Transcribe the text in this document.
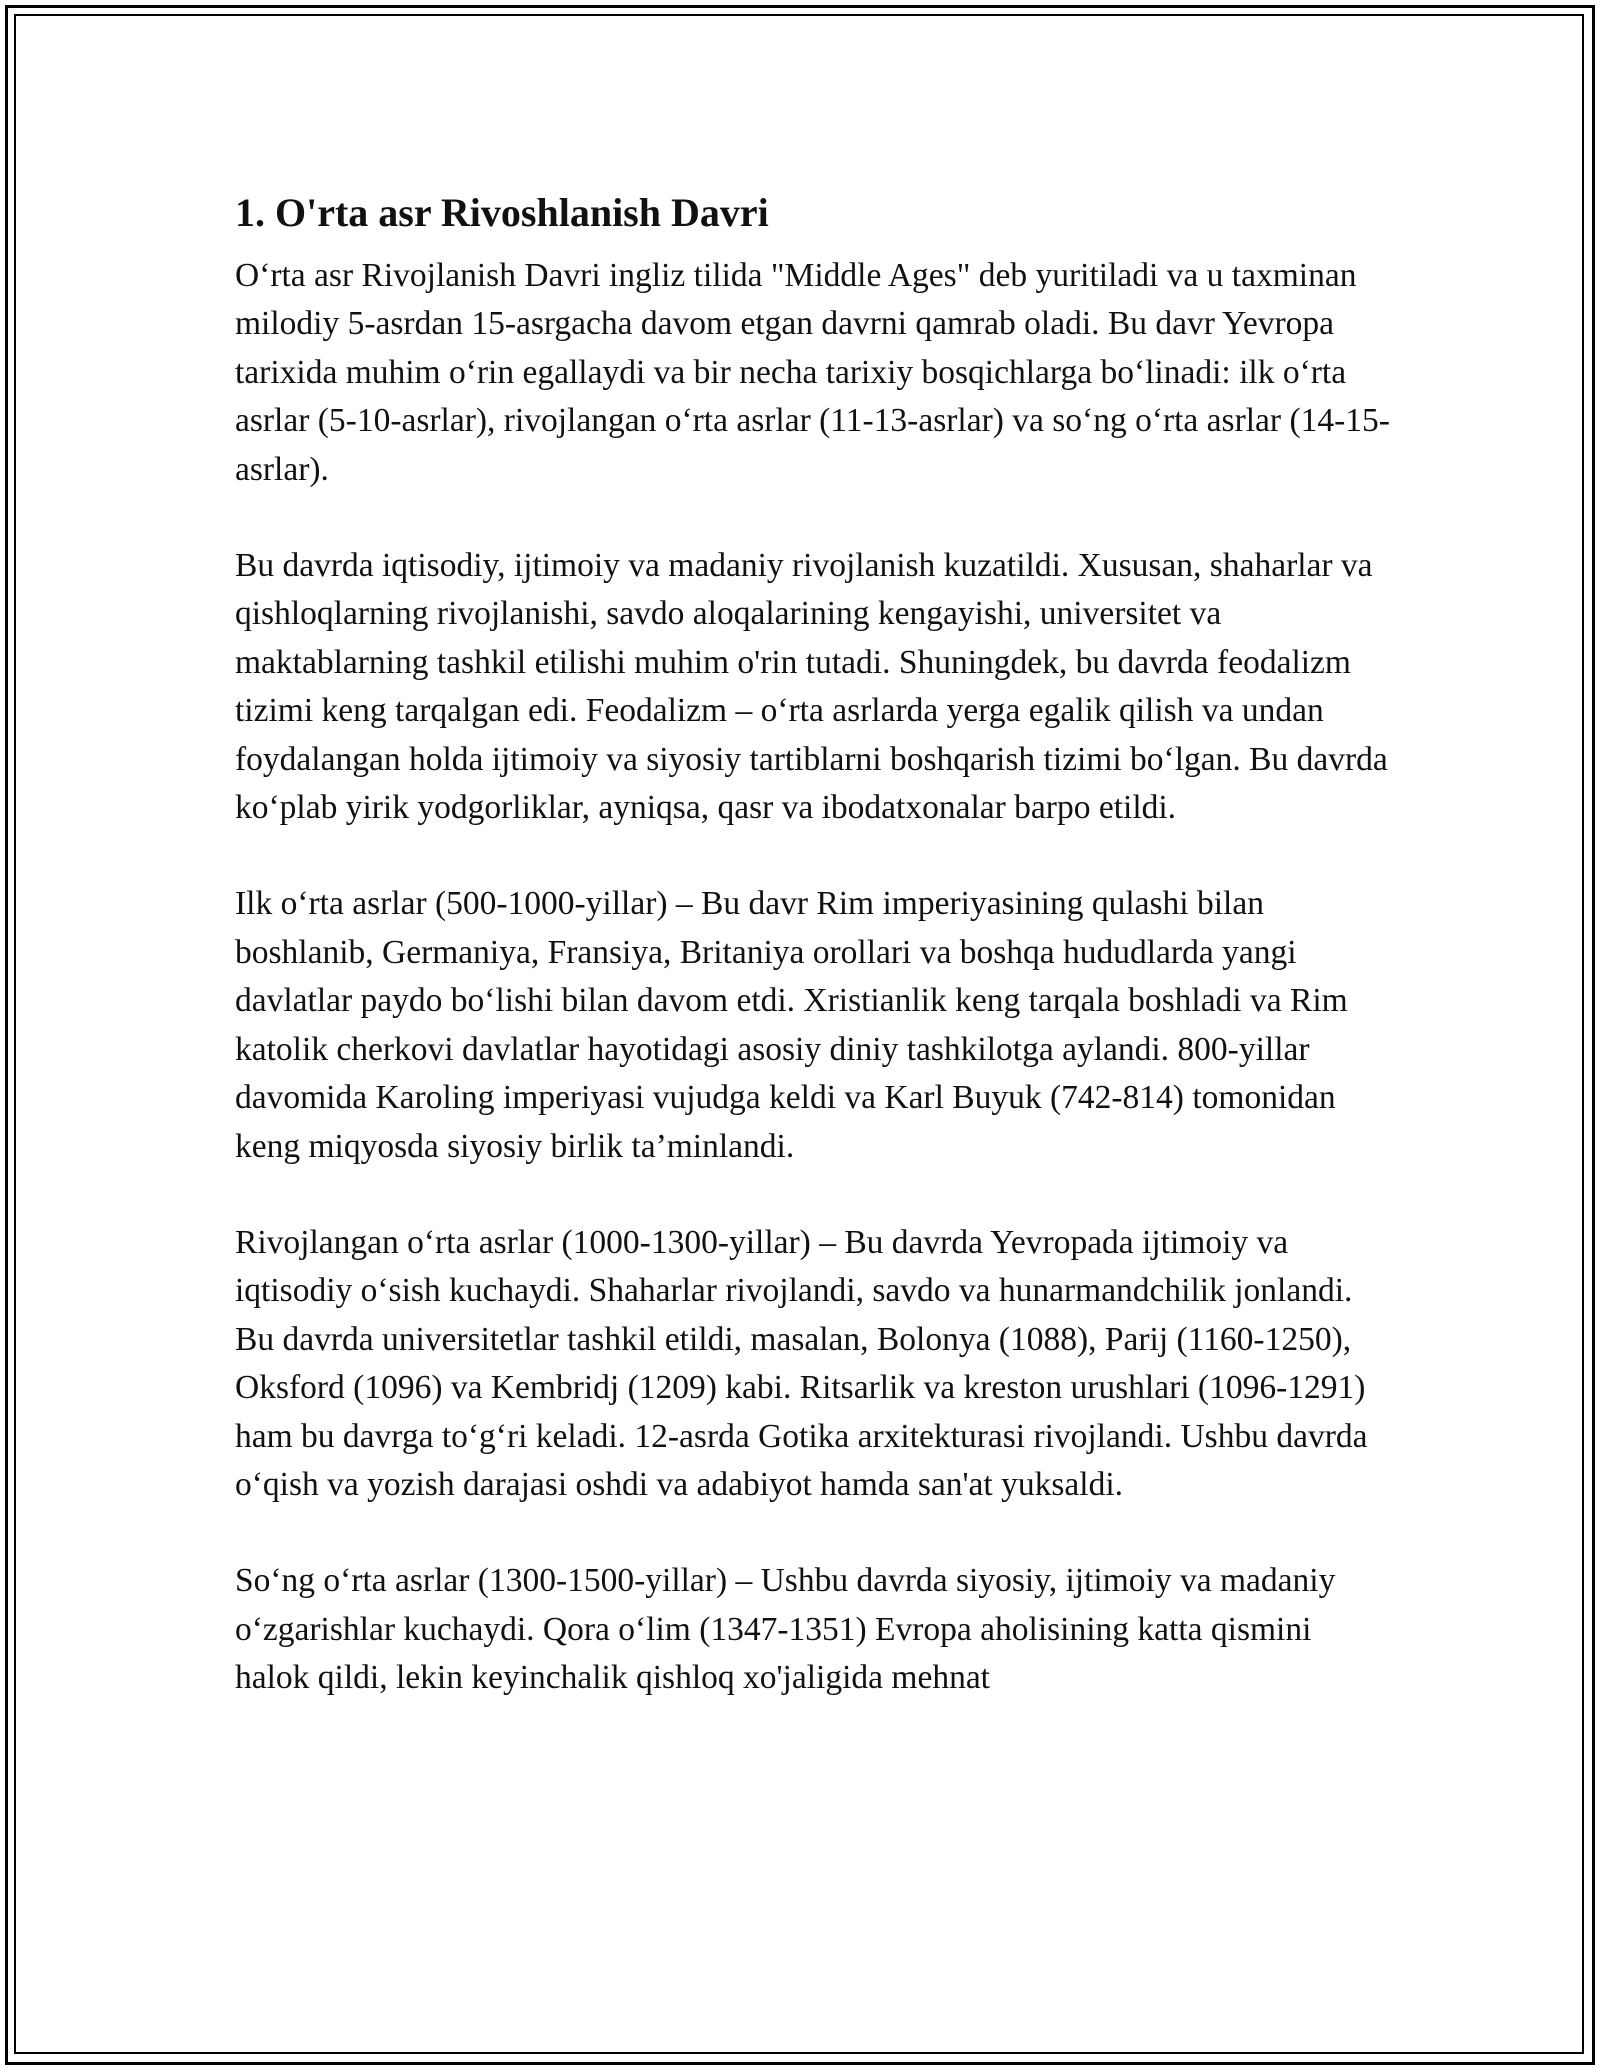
1. O'rta asr Rivoshlanish Davri

O‘rta asr Rivojlanish Davri ingliz tilida "Middle Ages" deb yuritiladi va u taxminan milodiy 5-asrdan 15-asrgacha davom etgan davrni qamrab oladi. Bu davr Yevropa tarixida muhim o‘rin egallaydi va bir necha tarixiy bosqichlarga bo‘linadi: ilk o‘rta asrlar (5-10-asrlar), rivojlangan o‘rta asrlar (11-13-asrlar) va so‘ng o‘rta asrlar (14-15-asrlar).

Bu davrda iqtisodiy, ijtimoiy va madaniy rivojlanish kuzatildi. Xususan, shaharlar va qishloqlarning rivojlanishi, savdo aloqalarining kengayishi, universitet va maktablarning tashkil etilishi muhim o'rin tutadi. Shuningdek, bu davrda feodalizm tizimi keng tarqalgan edi. Feodalizm – o‘rta asrlarda yerga egalik qilish va undan foydalangan holda ijtimoiy va siyosiy tartiblarni boshqarish tizimi bo‘lgan. Bu davrda ko‘plab yirik yodgorliklar, ayniqsa, qasr va ibodatxonalar barpo etildi.

Ilk o‘rta asrlar (500-1000-yillar) – Bu davr Rim imperiyasining qulashi bilan boshlanib, Germaniya, Fransiya, Britaniya orollari va boshqa hududlarda yangi davlatlar paydo bo‘lishi bilan davom etdi. Xristianlik keng tarqala boshladi va Rim katolik cherkovi davlatlar hayotidagi asosiy diniy tashkilotga aylandi. 800-yillar davomida Karoling imperiyasi vujudga keldi va Karl Buyuk (742-814) tomonidan keng miqyosda siyosiy birlik ta’minlandi.

Rivojlangan o‘rta asrlar (1000-1300-yillar) – Bu davrda Yevropada ijtimoiy va iqtisodiy o‘sish kuchaydi. Shaharlar rivojlandi, savdo va hunarmandchilik jonlandi. Bu davrda universitetlar tashkil etildi, masalan, Bolonya (1088), Parij (1160-1250), Oksford (1096) va Kembridj (1209) kabi. Ritsarlik va kreston urushlari (1096-1291) ham bu davrga to‘g‘ri keladi. 12-asrda Gotika arxitekturasi rivojlandi. Ushbu davrda o‘qish va yozish darajasi oshdi va adabiyot hamda san'at yuksaldi.

So‘ng o‘rta asrlar (1300-1500-yillar) – Ushbu davrda siyosiy, ijtimoiy va madaniy o‘zgarishlar kuchaydi. Qora o‘lim (1347-1351) Evropa aholisining katta qismini halok qildi, lekin keyinchalik qishloq xo'jaligida mehnat
